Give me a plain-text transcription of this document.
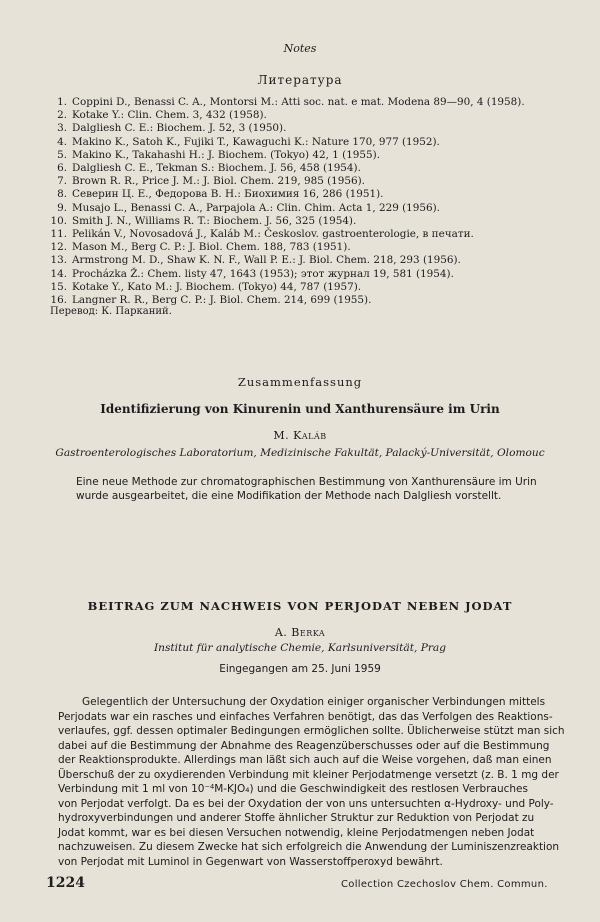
Notes
Литература
1. Coppini D., Benassi C. A., Montorsi M.: Atti soc. nat. e mat. Modena 89—90, 4 (1958).
2. Kotake Y.: Clin. Chem. 3, 432 (1958).
3. Dalgliesh C. E.: Biochem. J. 52, 3 (1950).
4. Makino K., Satoh K., Fujiki T., Kawaguchi K.: Nature 170, 977 (1952).
5. Makino K., Takahashi H.: J. Biochem. (Tokyo) 42, 1 (1955).
6. Dalgliesh C. E., Tekman S.: Biochem. J. 56, 458 (1954).
7. Brown R. R., Price J. M.: J. Biol. Chem. 219, 985 (1956).
8. Северин Ц. Е., Федорова В. Н.: Биохимия 16, 286 (1951).
9. Musajo L., Benassi C. A., Parpajola A.: Clin. Chim. Acta 1, 229 (1956).
10. Smith J. N., Williams R. T.: Biochem. J. 56, 325 (1954).
11. Pelikán V., Novosadová J., Kaláb M.: Českoslov. gastroenterologie, в печати.
12. Mason M., Berg C. P.: J. Biol. Chem. 188, 783 (1951).
13. Armstrong M. D., Shaw K. N. F., Wall P. E.: J. Biol. Chem. 218, 293 (1956).
14. Procházka Ž.: Chem. listy 47, 1643 (1953); этот журнал 19, 581 (1954).
15. Kotake Y., Kato M.: J. Biochem. (Tokyo) 44, 787 (1957).
16. Langner R. R., Berg C. P.: J. Biol. Chem. 214, 699 (1955).
Перевод: К. Парканий.
Zusammenfassung
Identifizierung von Kinurenin und Xanthurensäure im Urin
M. Kaláb
Gastroenterologisches Laboratorium, Medizinische Fakultät, Palacký-Universität, Olomouc
Eine neue Methode zur chromatographischen Bestimmung von Xanthurensäure im Urin
wurde ausgearbeitet, die eine Modifikation der Methode nach Dalgliesh vorstellt.
BEITRAG ZUM NACHWEIS VON PERJODAT NEBEN JODAT
A. Berka
Institut für analytische Chemie, Karlsuniversität, Prag
Eingegangen am 25. Juni 1959
Gelegentlich der Untersuchung der Oxydation einiger organischer Verbindungen mittels
Perjodats war ein rasches und einfaches Verfahren benötigt, das das Verfolgen des Reaktions-
verlaufes, ggf. dessen optimaler Bedingungen ermöglichen sollte. Üblicherweise stützt man sich
dabei auf die Bestimmung der Abnahme des Reagenzüberschusses oder auf die Bestimmung
der Reaktionsprodukte. Allerdings man läßt sich auch auf die Weise vorgehen, daß man einen
Überschuß der zu oxydierenden Verbindung mit kleiner Perjodatmenge versetzt (z. B. 1 mg der
Verbindung mit 1 ml von 10⁻⁴M-KJO₄) und die Geschwindigkeit des restlosen Verbrauches
von Perjodat verfolgt. Da es bei der Oxydation der von uns untersuchten α-Hydroxy- und Poly-
hydroxyverbindungen und anderer Stoffe ähnlicher Struktur zur Reduktion von Perjodat zu
Jodat kommt, war es bei diesen Versuchen notwendig, kleine Perjodatmengen neben Jodat
nachzuweisen. Zu diesem Zwecke hat sich erfolgreich die Anwendung der Luminiszenzreaktion
von Perjodat mit Luminol in Gegenwart von Wasserstoffperoxyd bewährt.
1224	Collection Czechoslov Chem. Commun.
